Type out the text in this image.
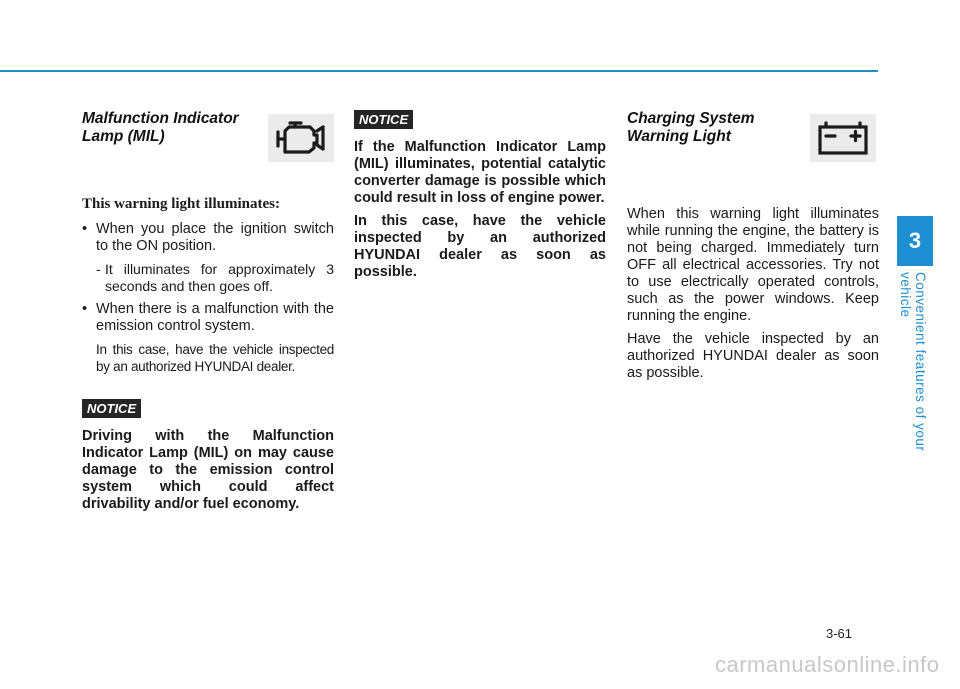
Malfunction Indicator Lamp (MIL)
This warning light illuminates:

• When you place the ignition switch to the ON position.

- It illuminates for approximately 3 seconds and then goes off.

• When there is a malfunction with the emission control system.

In this case, have the vehicle inspected by an authorized HYUNDAI dealer.

NOTICE

Driving with the Malfunction Indicator Lamp (MIL) on may cause damage to the emission control system which could affect drivability and/or fuel economy.

NOTICE

If the Malfunction Indicator Lamp (MIL) illuminates, potential catalytic converter damage is possible which could result in loss of engine power.

In this case, have the vehicle inspected by an authorized HYUNDAI dealer as soon as possible.

Charging System Warning Light

When this warning light illuminates while running the engine, the battery is not being charged. Immediately turn OFF all electrical accessories. Try not to use electrically operated controls, such as the power windows. Keep running the engine.

Have the vehicle inspected by an authorized HYUNDAI dealer as soon as possible.

3
Convenient features of your vehicle
3-61
carmanualsonline.info
